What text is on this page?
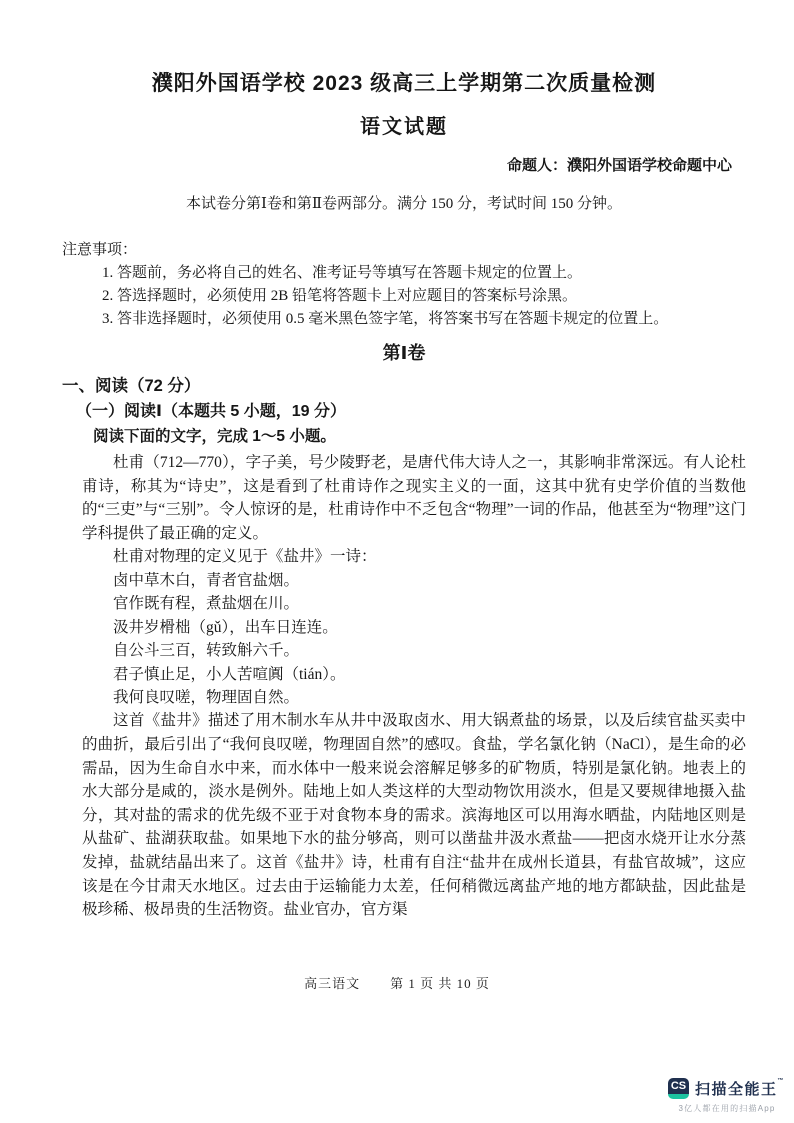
濮阳外国语学校 2023 级高三上学期第二次质量检测
语文试题
命题人：濮阳外国语学校命题中心
本试卷分第Ⅰ卷和第Ⅱ卷两部分。满分 150 分，考试时间 150 分钟。
注意事项：
1. 答题前，务必将自己的姓名、准考证号等填写在答题卡规定的位置上。
2. 答选择题时，必须使用 2B 铅笔将答题卡上对应题目的答案标号涂黑。
3. 答非选择题时，必须使用 0.5 毫米黑色签字笔，将答案书写在答题卡规定的位置上。
第Ⅰ卷
一、阅读（72 分）
（一）阅读Ⅰ（本题共 5 小题，19 分）
阅读下面的文字，完成 1～5 小题。

杜甫（712—770），字子美，号少陵野老，是唐代伟大诗人之一，其影响非常深远。有人论杜甫诗，称其为“诗史”，这是看到了杜甫诗作之现实主义的一面，这其中犹有史学价值的当数他的“三吏”与“三别”。令人惊讶的是，杜甫诗作中不乏包含“物理”一词的作品，他甚至为“物理”这门学科提供了最正确的定义。

杜甫对物理的定义见于《盐井》一诗：

卤中草木白，青者官盐烟。
官作既有程，煮盐烟在川。
汲井岁榾柮（gǔ），出车日连连。
自公斗三百，转致斛六千。
君子慎止足，小人苦喧阗（tián）。
我何良叹嗟，物理固自然。

这首《盐井》描述了用木制水车从井中汲取卤水、用大锅煮盐的场景，以及后续官盐买卖中的曲折，最后引出了“我何良叹嗟，物理固自然”的感叹。食盐，学名氯化钠（NaCl），是生命的必需品，因为生命自水中来，而水体中一般来说会溶解足够多的矿物质，特别是氯化钠。地表上的水大部分是咸的，淡水是例外。陆地上如人类这样的大型动物饮用淡水，但是又要规律地摄入盐分，其对盐的需求的优先级不亚于对食物本身的需求。滨海地区可以用海水晒盐，内陆地区则是从盐矿、盐湖获取盐。如果地下水的盐分够高，则可以凿盐井汲水煮盐——把卤水烧开让水分蒸发掉，盐就结晶出来了。这首《盐井》诗，杜甫有自注“盐井在成州长道县，有盐官故城”，这应该是在今甘肃天水地区。过去由于运输能力太差，任何稍微远离盐产地的地方都缺盐，因此盐是极珍稀、极昂贵的生活物资。盐业官办，官方渠

高三语文 第 1 页 共 10 页
CS 扫描全能王™
3亿人都在用的扫描App
